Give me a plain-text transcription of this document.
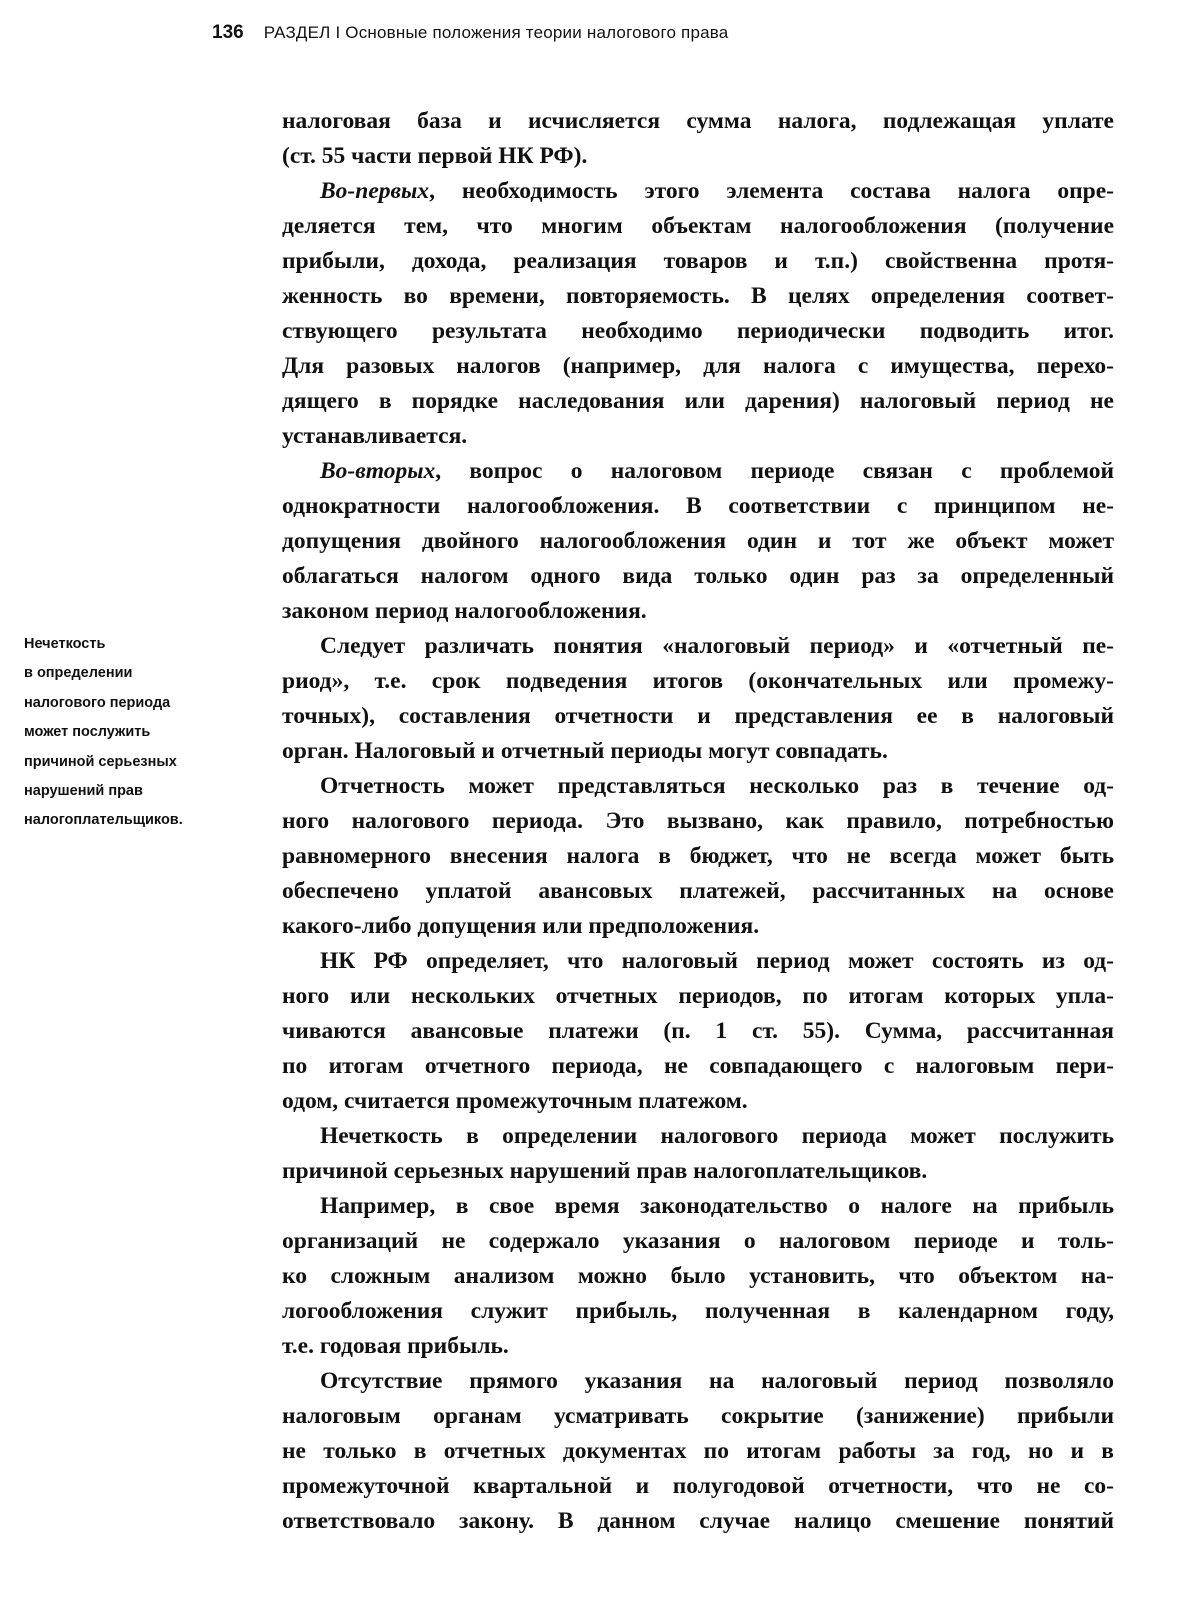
136 РАЗДЕЛ I Основные положения теории налогового права
Нечеткость
в определении
налогового периода
может послужить
причиной серьезных
нарушений прав
налогоплательщиков.
налоговая база и исчисляется сумма налога, подлежащая уплате
(ст. 55 части первой НК РФ).
Во-первых, необходимость этого элемента состава налога опре-
деляется тем, что многим объектам налогообложения (получение
прибыли, дохода, реализация товаров и т.п.) свойственна протя-
женность во времени, повторяемость. В целях определения соответ-
ствующего результата необходимо периодически подводить итог.
Для разовых налогов (например, для налога с имущества, перехо-
дящего в порядке наследования или дарения) налоговый период не
устанавливается.
Во-вторых, вопрос о налоговом периоде связан с проблемой
однократности налогообложения. В соответствии с принципом не-
допущения двойного налогообложения один и тот же объект может
облагаться налогом одного вида только один раз за определенный
законом период налогообложения.
Следует различать понятия «налоговый период» и «отчетный пе-
риод», т.е. срок подведения итогов (окончательных или промежу-
точных), составления отчетности и представления ее в налоговый
орган. Налоговый и отчетный периоды могут совпадать.
Отчетность может представляться несколько раз в течение од-
ного налогового периода. Это вызвано, как правило, потребностью
равномерного внесения налога в бюджет, что не всегда может быть
обеспечено уплатой авансовых платежей, рассчитанных на основе
какого-либо допущения или предположения.
НК РФ определяет, что налоговый период может состоять из од-
ного или нескольких отчетных периодов, по итогам которых упла-
чиваются авансовые платежи (п. 1 ст. 55). Сумма, рассчитанная
по итогам отчетного периода, не совпадающего с налоговым пери-
одом, считается промежуточным платежом.
Нечеткость в определении налогового периода может послужить
причиной серьезных нарушений прав налогоплательщиков.
Например, в свое время законодательство о налоге на прибыль
организаций не содержало указания о налоговом периоде и толь-
ко сложным анализом можно было установить, что объектом на-
логообложения служит прибыль, полученная в календарном году,
т.е. годовая прибыль.
Отсутствие прямого указания на налоговый период позволяло
налоговым органам усматривать сокрытие (занижение) прибыли
не только в отчетных документах по итогам работы за год, но и в
промежуточной квартальной и полугодовой отчетности, что не со-
ответствовало закону. В данном случае налицо смешение понятий
